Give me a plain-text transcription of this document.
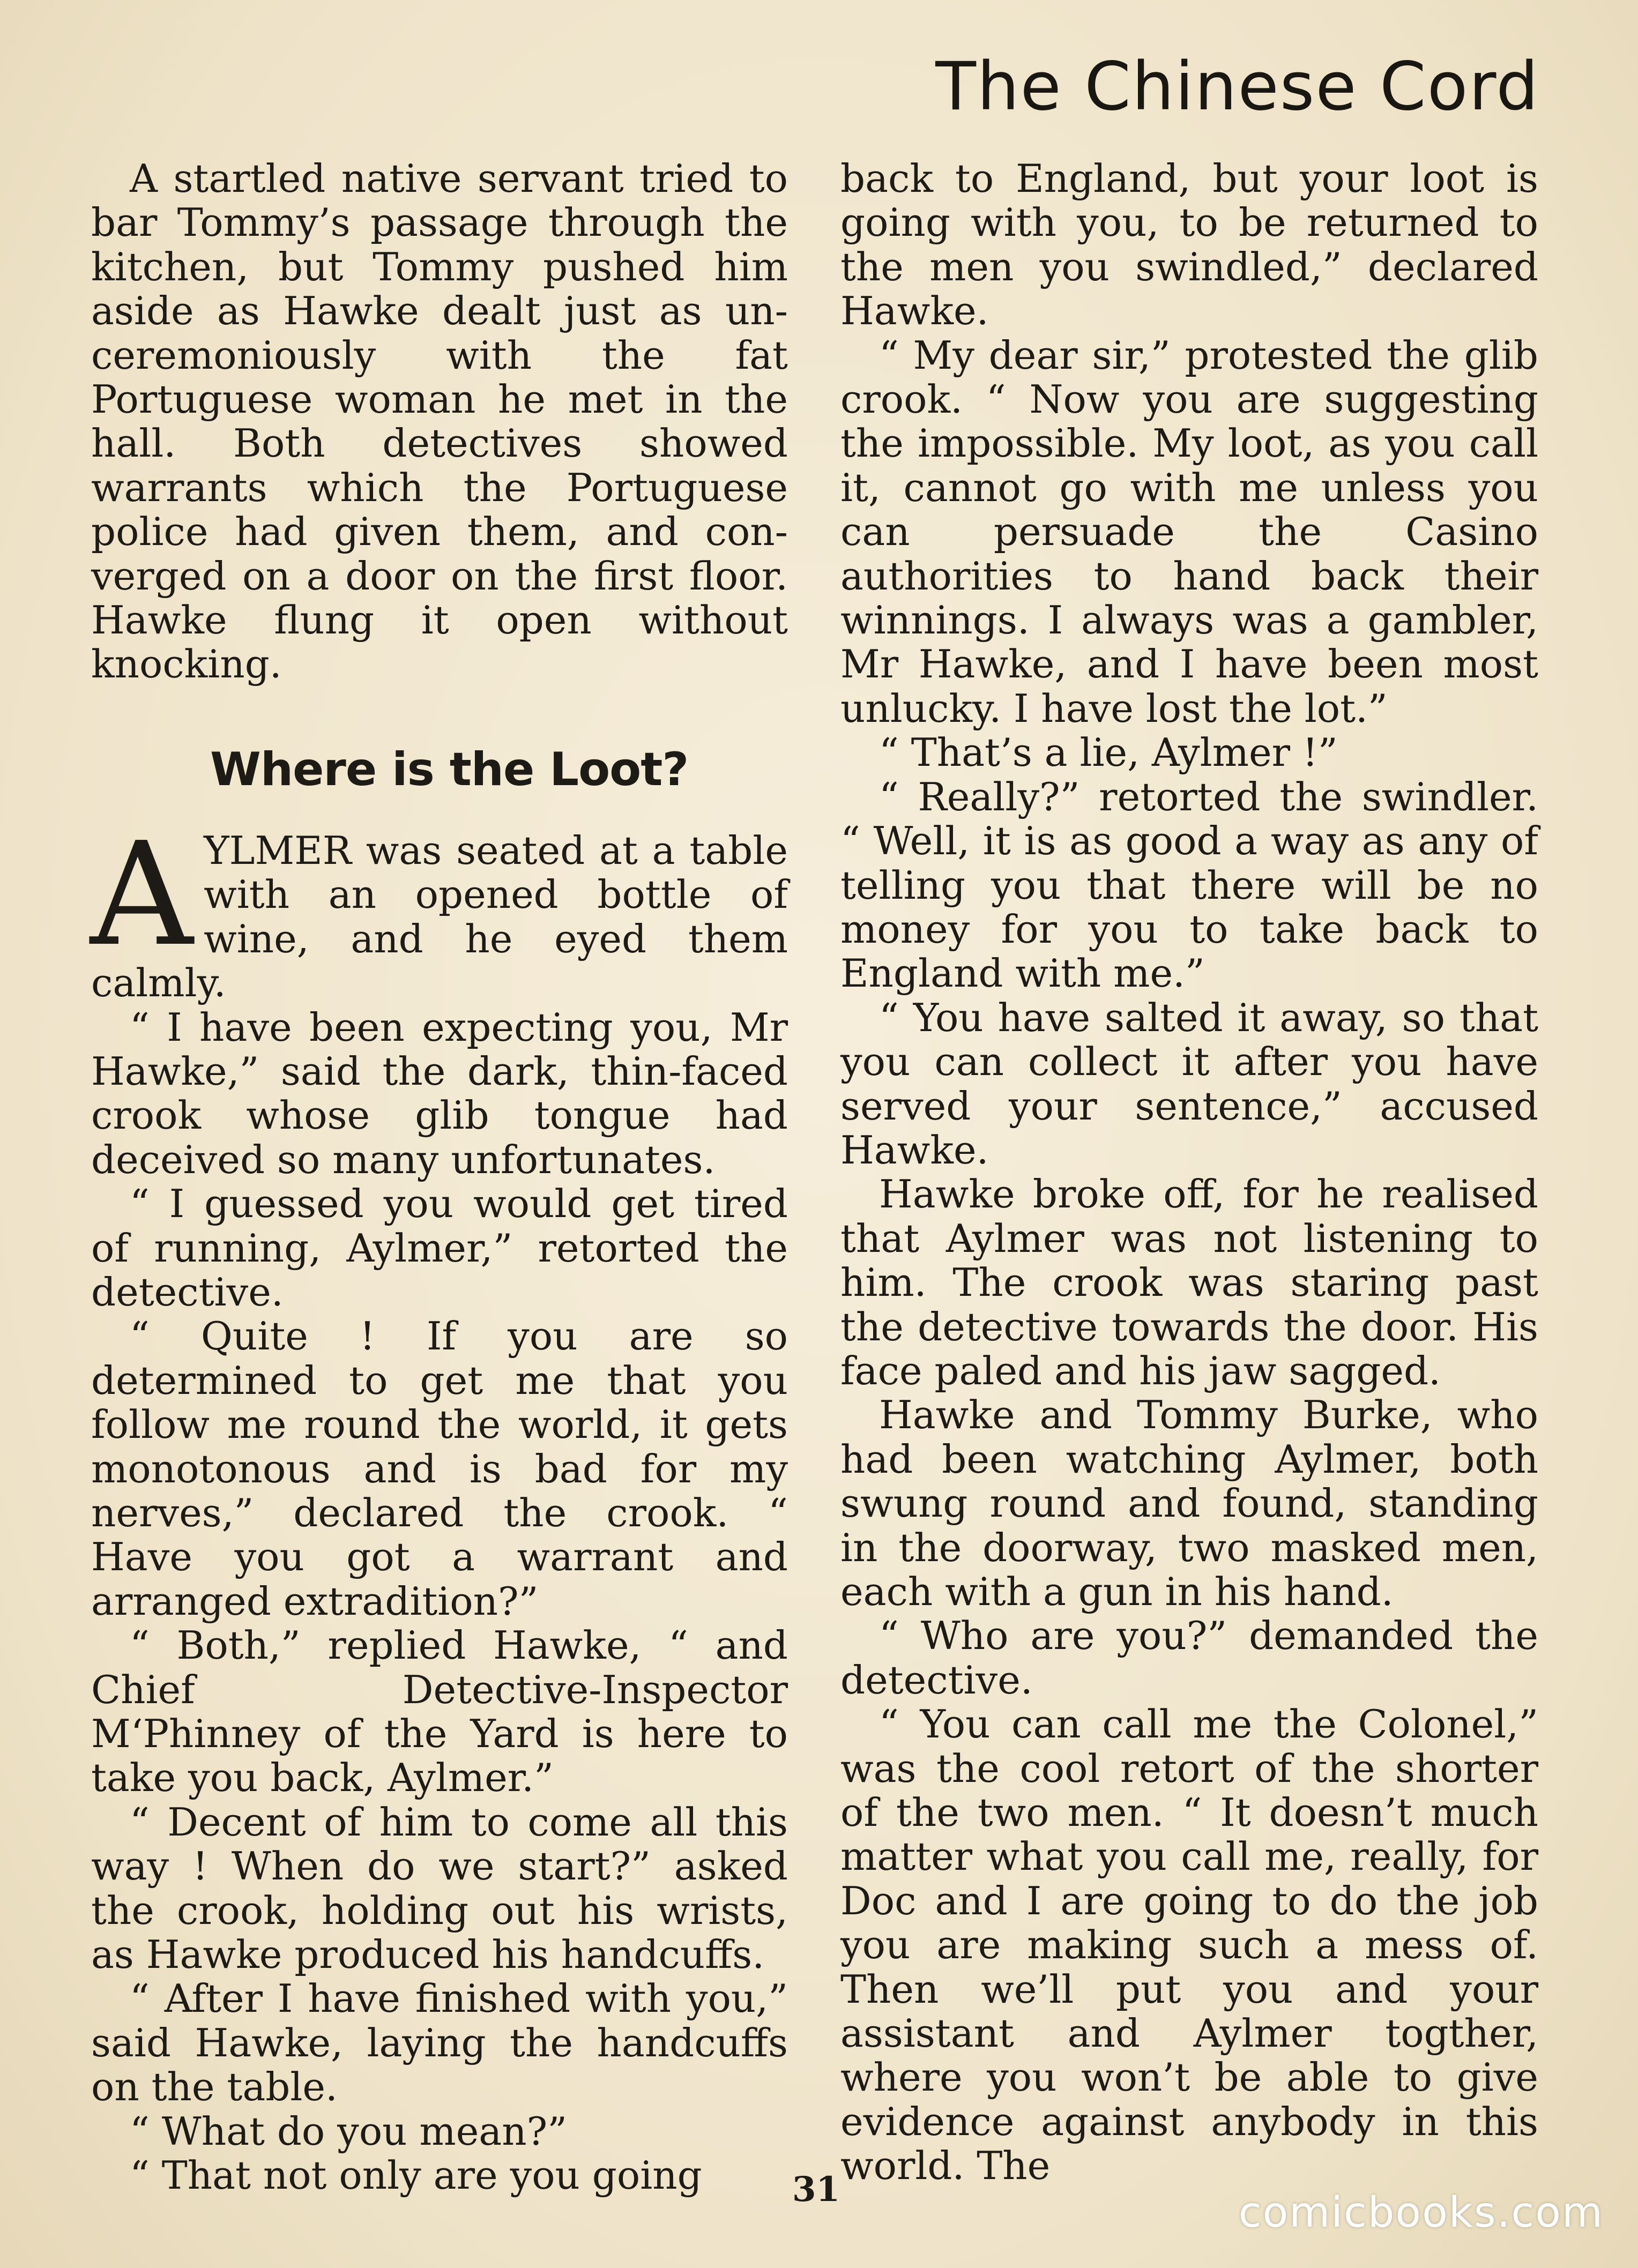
The Chinese Cord

A startled native servant tried to bar Tommy’s passage through the kitchen, but Tommy pushed him aside as Hawke dealt just as unceremoniously with the fat Portuguese woman he met in the hall. Both detectives showed warrants which the Portuguese police had given them, and converged on a door on the first floor. Hawke flung it open without knocking.

Where is the Loot?

AYLMER was seated at a table with an opened bottle of wine, and he eyed them calmly.

“ I have been expecting you, Mr Hawke,” said the dark, thin-faced crook whose glib tongue had deceived so many unfortunates.

“ I guessed you would get tired of running, Aylmer,” retorted the detective.

“ Quite ! If you are so determined to get me that you follow me round the world, it gets monotonous and is bad for my nerves,” declared the crook. “ Have you got a warrant and arranged extradition?”

“ Both,” replied Hawke, “ and Chief Detective-Inspector M‘Phinney of the Yard is here to take you back, Aylmer.”

“ Decent of him to come all this way ! When do we start?” asked the crook, holding out his wrists, as Hawke produced his handcuffs.

“ After I have finished with you,” said Hawke, laying the handcuffs on the table.

“ What do you mean?”

“ That not only are you going

back to England, but your loot is going with you, to be returned to the men you swindled,” declared Hawke.

“ My dear sir,” protested the glib crook. “ Now you are suggesting the impossible. My loot, as you call it, cannot go with me unless you can persuade the Casino authorities to hand back their winnings. I always was a gambler, Mr Hawke, and I have been most unlucky. I have lost the lot.”

“ That’s a lie, Aylmer !”

“ Really?” retorted the swindler. “ Well, it is as good a way as any of telling you that there will be no money for you to take back to England with me.”

“ You have salted it away, so that you can collect it after you have served your sentence,” accused Hawke.

Hawke broke off, for he realised that Aylmer was not listening to him. The crook was staring past the detective towards the door. His face paled and his jaw sagged.

Hawke and Tommy Burke, who had been watching Aylmer, both swung round and found, standing in the doorway, two masked men, each with a gun in his hand.

“ Who are you?” demanded the detective.

“ You can call me the Colonel,” was the cool retort of the shorter of the two men. “ It doesn’t much matter what you call me, really, for Doc and I are going to do the job you are making such a mess of. Then we’ll put you and your assistant and Aylmer togther, where you won’t be able to give evidence against anybody in this world. The

31	comicbooks.com
